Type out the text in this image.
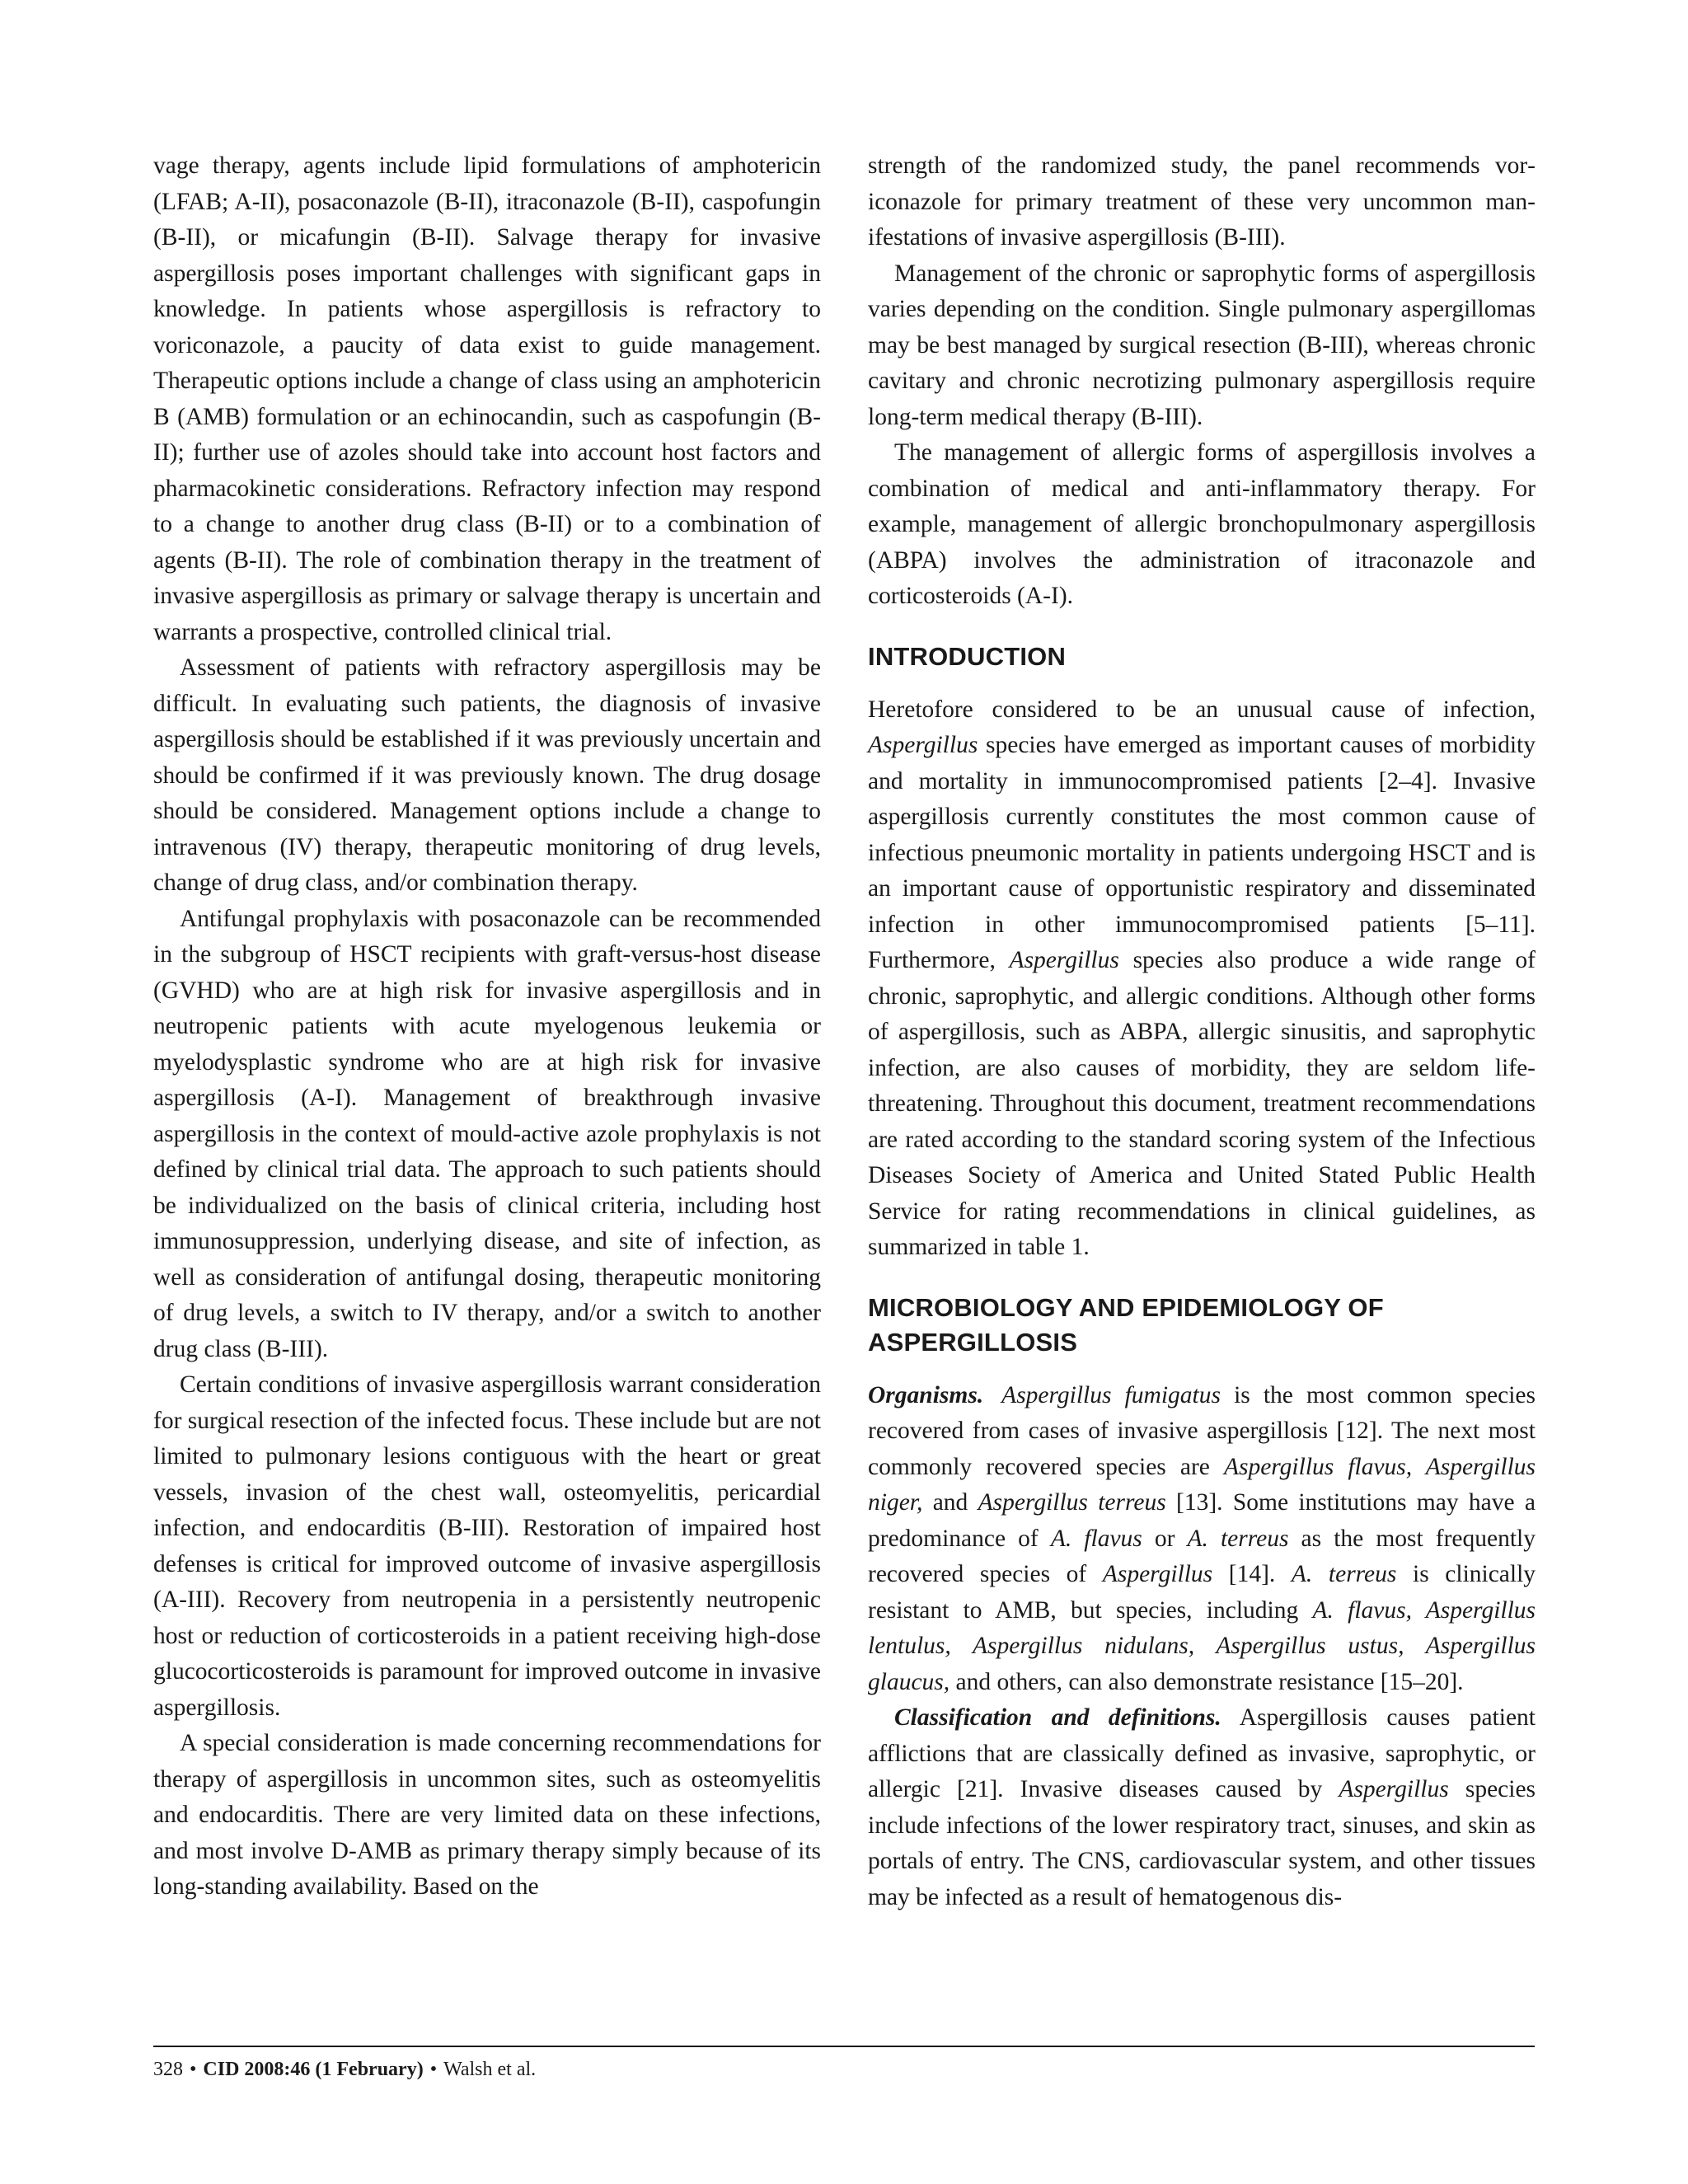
vage therapy, agents include lipid formulations of amphotericin (LFAB; A-II), posaconazole (B-II), itraconazole (B-II), caspofungin (B-II), or micafungin (B-II). Salvage therapy for invasive aspergillosis poses important challenges with significant gaps in knowledge. In patients whose aspergillosis is refractory to voriconazole, a paucity of data exist to guide management. Therapeutic options include a change of class using an amphotericin B (AMB) formulation or an echinocandin, such as caspofungin (B-II); further use of azoles should take into account host factors and pharmacokinetic considerations. Refractory infection may respond to a change to another drug class (B-II) or to a combination of agents (B-II). The role of combination therapy in the treatment of invasive aspergillosis as primary or salvage therapy is uncertain and warrants a prospective, controlled clinical trial.

Assessment of patients with refractory aspergillosis may be difficult. In evaluating such patients, the diagnosis of invasive aspergillosis should be established if it was previously uncertain and should be confirmed if it was previously known. The drug dosage should be considered. Management options include a change to intravenous (IV) therapy, therapeutic monitoring of drug levels, change of drug class, and/or combination therapy.

Antifungal prophylaxis with posaconazole can be recommended in the subgroup of HSCT recipients with graft-versus-host disease (GVHD) who are at high risk for invasive aspergillosis and in neutropenic patients with acute myelogenous leukemia or myelodysplastic syndrome who are at high risk for invasive aspergillosis (A-I). Management of breakthrough invasive aspergillosis in the context of mould-active azole prophylaxis is not defined by clinical trial data. The approach to such patients should be individualized on the basis of clinical criteria, including host immunosuppression, underlying disease, and site of infection, as well as consideration of antifungal dosing, therapeutic monitoring of drug levels, a switch to IV therapy, and/or a switch to another drug class (B-III).

Certain conditions of invasive aspergillosis warrant consideration for surgical resection of the infected focus. These include but are not limited to pulmonary lesions contiguous with the heart or great vessels, invasion of the chest wall, osteomyelitis, pericardial infection, and endocarditis (B-III). Restoration of impaired host defenses is critical for improved outcome of invasive aspergillosis (A-III). Recovery from neutropenia in a persistently neutropenic host or reduction of corticosteroids in a patient receiving high-dose glucocorticosteroids is paramount for improved outcome in invasive aspergillosis.

A special consideration is made concerning recommendations for therapy of aspergillosis in uncommon sites, such as osteomyelitis and endocarditis. There are very limited data on these infections, and most involve D-AMB as primary therapy simply because of its long-standing availability. Based on the

strength of the randomized study, the panel recommends voriconazole for primary treatment of these very uncommon manifestations of invasive aspergillosis (B-III).

Management of the chronic or saprophytic forms of aspergillosis varies depending on the condition. Single pulmonary aspergillomas may be best managed by surgical resection (B-III), whereas chronic cavitary and chronic necrotizing pulmonary aspergillosis require long-term medical therapy (B-III).

The management of allergic forms of aspergillosis involves a combination of medical and anti-inflammatory therapy. For example, management of allergic bronchopulmonary aspergillosis (ABPA) involves the administration of itraconazole and corticosteroids (A-I).

INTRODUCTION

Heretofore considered to be an unusual cause of infection, Aspergillus species have emerged as important causes of morbidity and mortality in immunocompromised patients [2–4]. Invasive aspergillosis currently constitutes the most common cause of infectious pneumonic mortality in patients undergoing HSCT and is an important cause of opportunistic respiratory and disseminated infection in other immunocompromised patients [5–11]. Furthermore, Aspergillus species also produce a wide range of chronic, saprophytic, and allergic conditions. Although other forms of aspergillosis, such as ABPA, allergic sinusitis, and saprophytic infection, are also causes of morbidity, they are seldom life-threatening. Throughout this document, treatment recommendations are rated according to the standard scoring system of the Infectious Diseases Society of America and United Stated Public Health Service for rating recommendations in clinical guidelines, as summarized in table 1.

MICROBIOLOGY AND EPIDEMIOLOGY OF ASPERGILLOSIS

Organisms. Aspergillus fumigatus is the most common species recovered from cases of invasive aspergillosis [12]. The next most commonly recovered species are Aspergillus flavus, Aspergillus niger, and Aspergillus terreus [13]. Some institutions may have a predominance of A. flavus or A. terreus as the most frequently recovered species of Aspergillus [14]. A. terreus is clinically resistant to AMB, but species, including A. flavus, Aspergillus lentulus, Aspergillus nidulans, Aspergillus ustus, Aspergillus glaucus, and others, can also demonstrate resistance [15–20].

Classification and definitions. Aspergillosis causes patient afflictions that are classically defined as invasive, saprophytic, or allergic [21]. Invasive diseases caused by Aspergillus species include infections of the lower respiratory tract, sinuses, and skin as portals of entry. The CNS, cardiovascular system, and other tissues may be infected as a result of hematogenous dis-

328 • CID 2008:46 (1 February) • Walsh et al.
